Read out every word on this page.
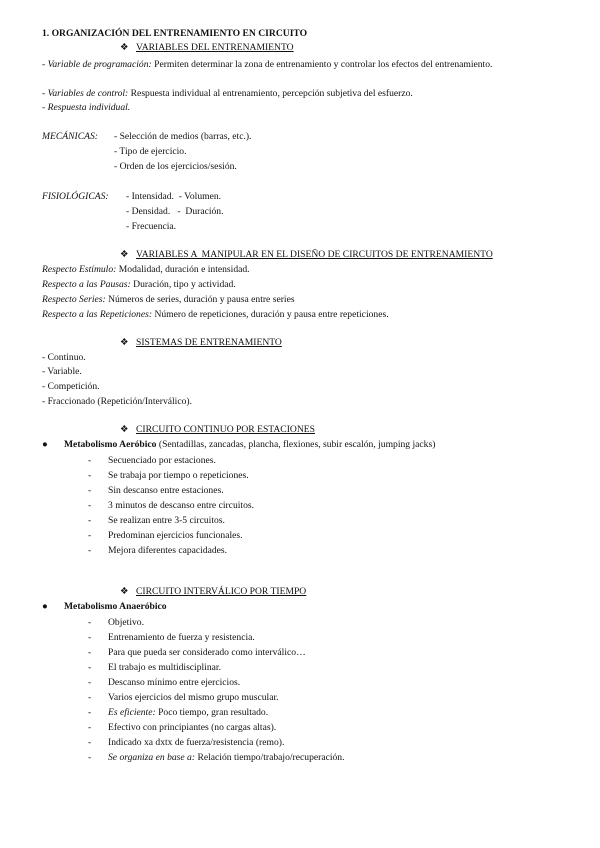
1. ORGANIZACIÓN DEL ENTRENAMIENTO EN CIRCUITO
❖ VARIABLES DEL ENTRENAMIENTO
- Variable de programación: Permiten determinar la zona de entrenamiento y controlar los efectos del entrenamiento.
- Variables de control: Respuesta individual al entrenamiento, percepción subjetiva del esfuerzo.
- Respuesta individual.
MECÁNICAS: - Selección de medios (barras, etc.).
- Tipo de ejercicio.
- Orden de los ejercicios/sesión.
FISIOLÓGICAS: - Intensidad.  - Volumen.
- Densidad.   -  Duración.
- Frecuencia.
❖ VARIABLES A  MANIPULAR EN EL DISEÑO DE CIRCUITOS DE ENTRENAMIENTO
Respecto Estímulo: Modalidad, duración e intensidad.
Respecto a las Pausas: Duración, tipo y actividad.
Respecto Series: Números de series, duración y pausa entre series
Respecto a las Repeticiones: Número de repeticiones, duración y pausa entre repeticiones.
❖ SISTEMAS DE ENTRENAMIENTO
- Continuo.
- Variable.
- Competición.
- Fraccionado (Repetición/Interválico).
❖ CIRCUITO CONTINUO POR ESTACIONES
● Metabolismo Aeróbico (Sentadillas, zancadas, plancha, flexiones, subir escalón, jumping jacks)
- Secuenciado por estaciones.
- Se trabaja por tiempo o repeticiones.
- Sin descanso entre estaciones.
- 3 minutos de descanso entre circuitos.
- Se realizan entre 3-5 circuitos.
- Predominan ejercicios funcionales.
- Mejora diferentes capacidades.
❖ CIRCUITO INTERVÁLICO POR TIEMPO
● Metabolismo Anaeróbico
- Objetivo.
- Entrenamiento de fuerza y resistencia.
- Para que pueda ser considerado como interválico…
- El trabajo es multidisciplinar.
- Descanso mínimo entre ejercicios.
- Varios ejercicios del mismo grupo muscular.
- Es eficiente: Poco tiempo, gran resultado.
- Efectivo con principiantes (no cargas altas).
- Indicado xa dxtx de fuerza/resistencia (remo).
- Se organiza en base a: Relación tiempo/trabajo/recuperación.
